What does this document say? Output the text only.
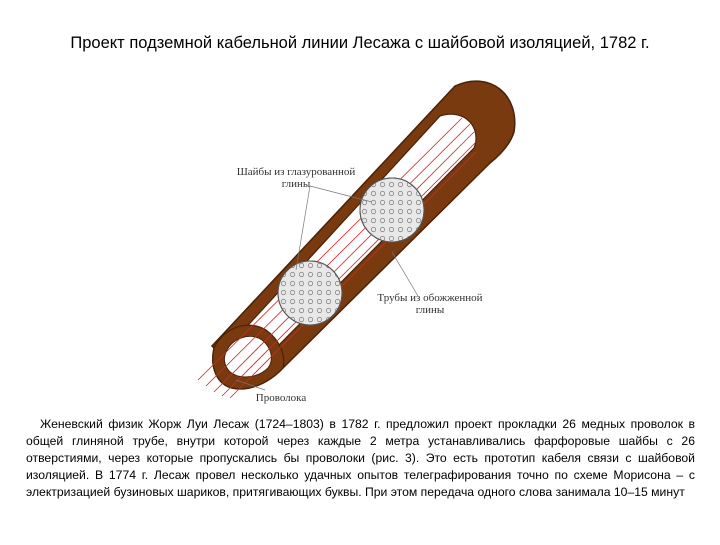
Проект подземной кабельной линии Лесажа с шайбовой изоляцией, 1782 г.
Шайбы из глазурованной
глины
Трубы из обожженной
глины
Проволока
Женевский физик Жорж Луи Лесаж (1724–1803) в 1782 г. предложил проект прокладки 26 медных проволок в общей глиняной трубе, внутри которой через каждые 2 метра устанавливались фарфоровые шайбы с 26 отверстиями, через которые пропускались бы проволоки (рис. 3). Это есть прототип кабеля связи с шайбовой изоляцией. В 1774 г. Лесаж провел несколько удачных опытов телеграфирования точно по схеме Морисона – с электризацией бузиновых шариков, притягивающих буквы. При этом передача одного слова занимала 10–15 минут
